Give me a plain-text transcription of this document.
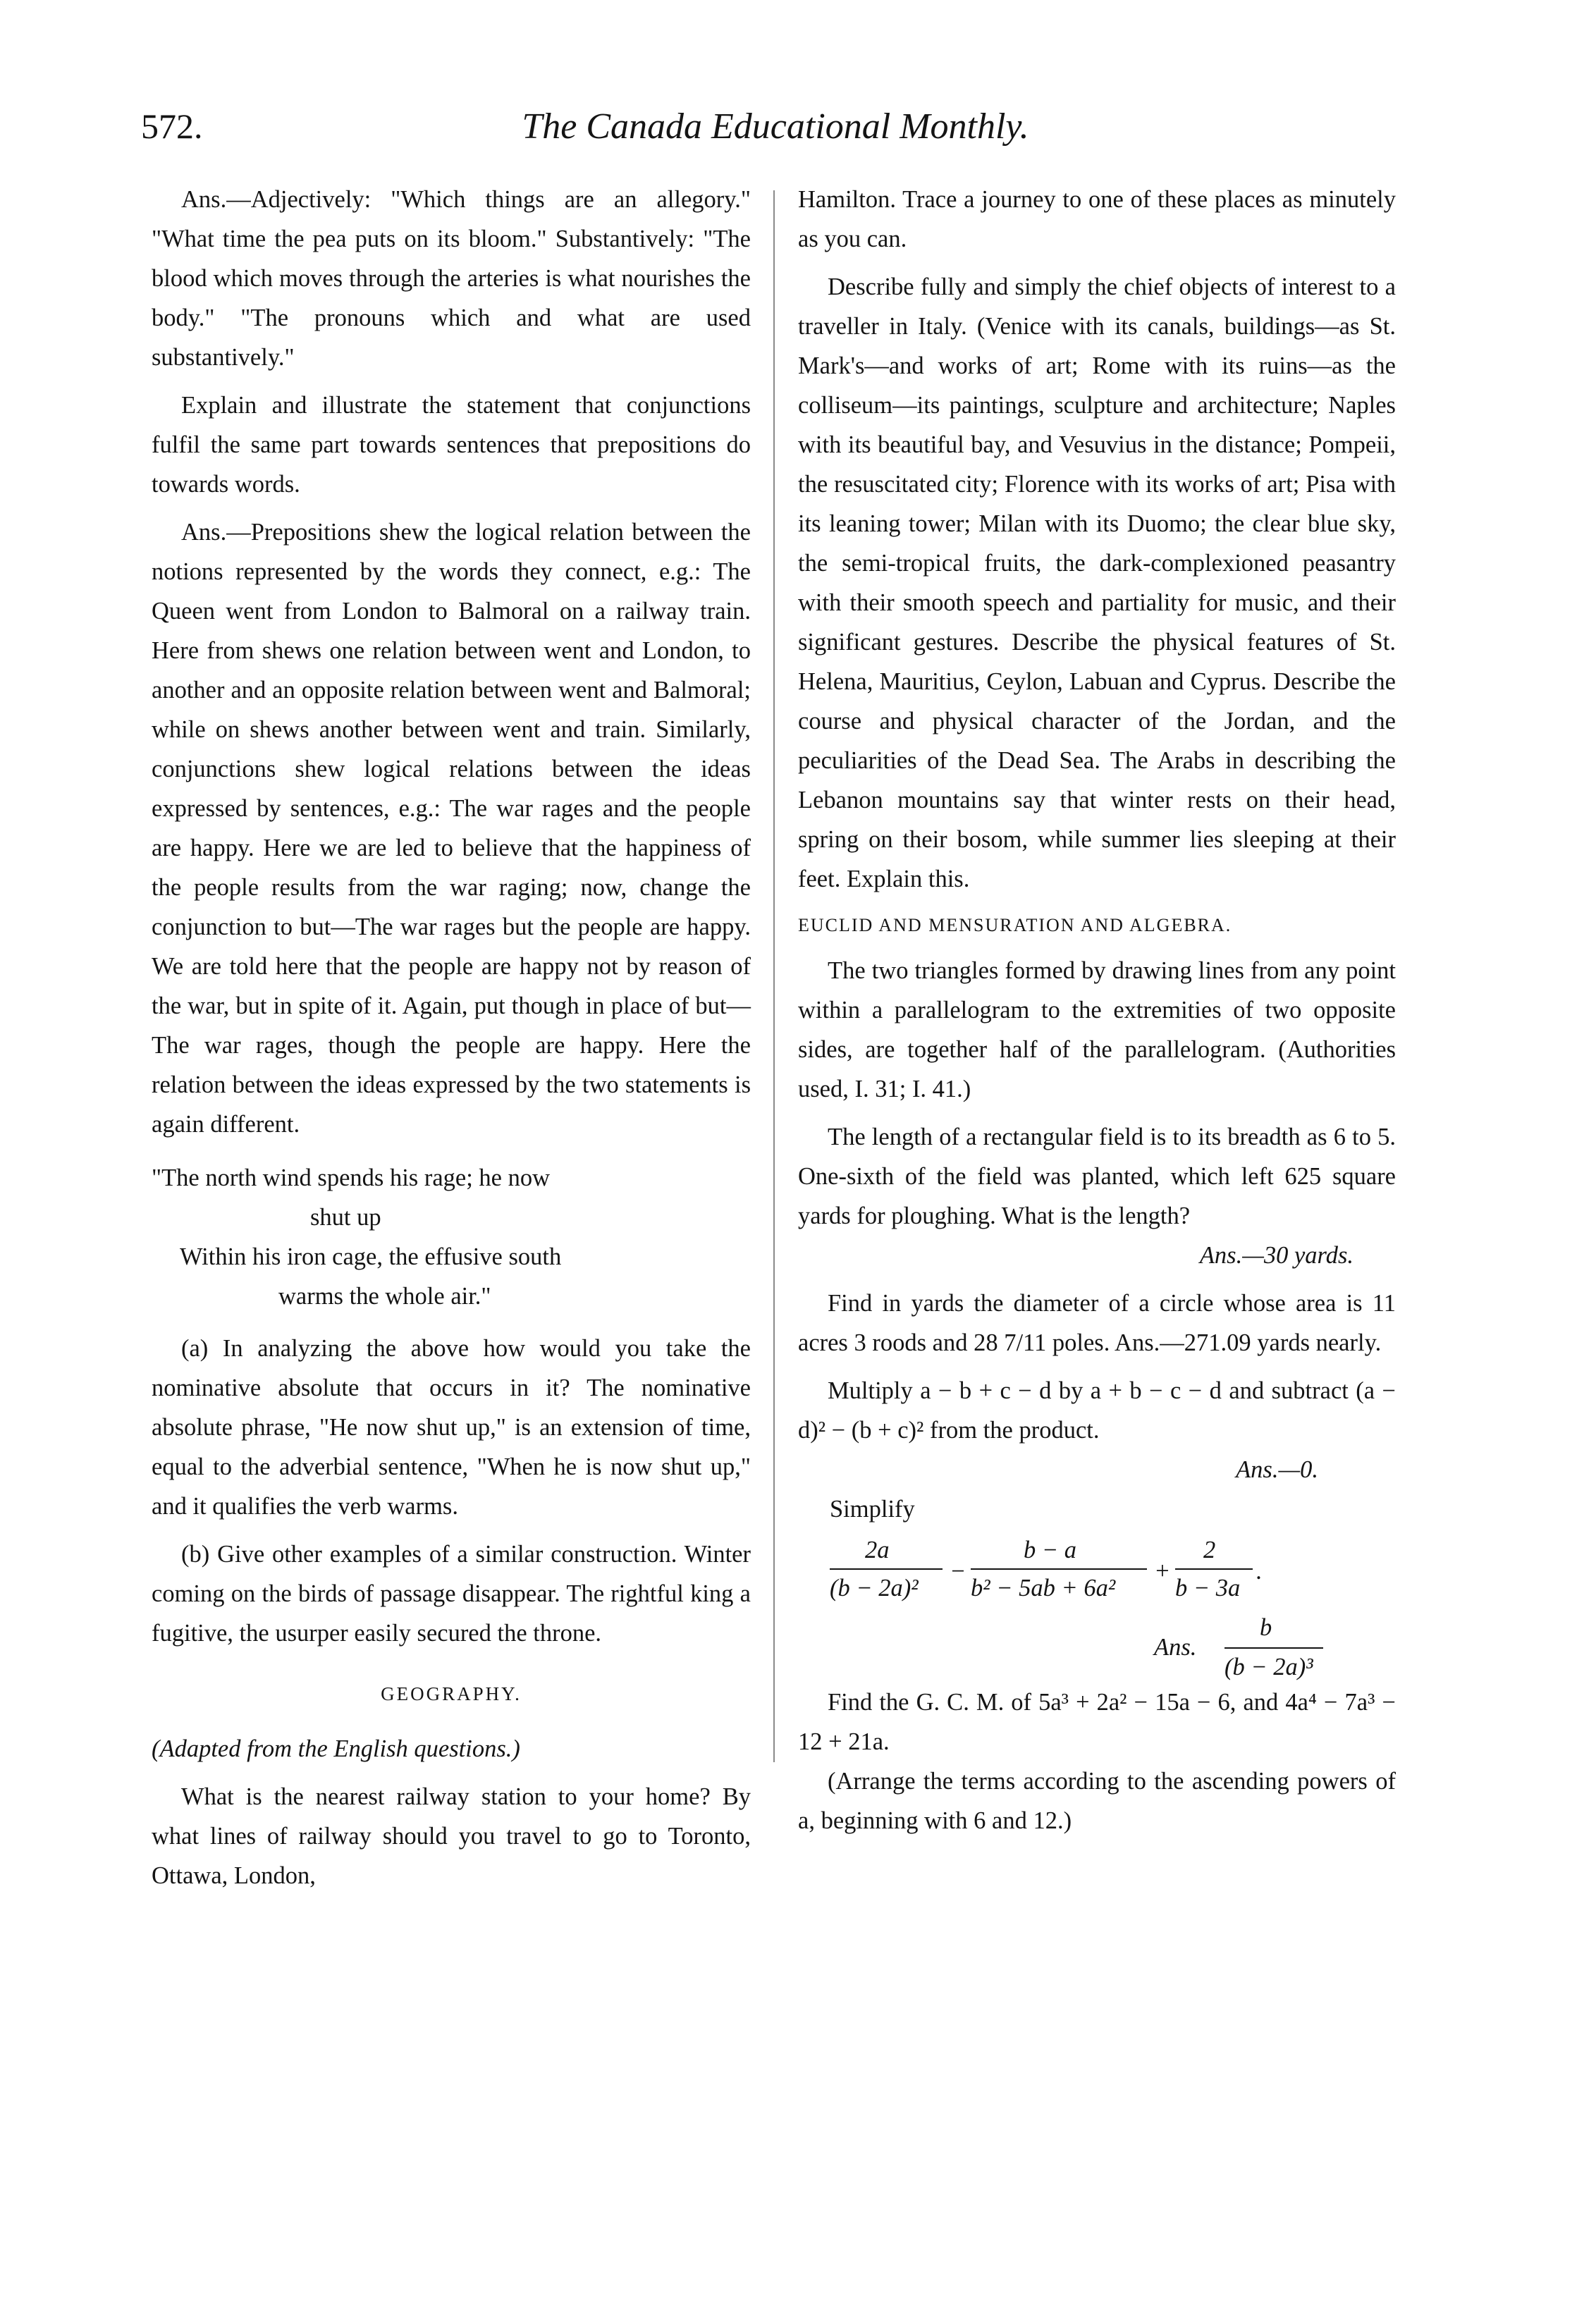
572.	The Canada Educational Monthly.

Ans.—Adjectively: "Which things are an allegory." "What time the pea puts on its bloom." Substantively: "The blood which moves through the arteries is what nourishes the body." "The pronouns which and what are used substantively."

Explain and illustrate the statement that conjunctions fulfil the same part towards sentences that prepositions do towards words.

Ans.—Prepositions shew the logical relation between the notions represented by the words they connect, e.g.: The Queen went from London to Balmoral on a railway train. Here from shews one relation between went and London, to another and an opposite relation between went and Balmoral; while on shews another between went and train. Similarly, conjunctions shew logical relations between the ideas expressed by sentences, e.g.: The war rages and the people are happy. Here we are led to believe that the happiness of the people results from the war raging; now, change the conjunction to but—The war rages but the people are happy. We are told here that the people are happy not by reason of the war, but in spite of it. Again, put though in place of but—The war rages, though the people are happy. Here the relation between the ideas expressed by the two statements is again different.

"The north wind spends his rage; he now
shut up
Within his iron cage, the effusive south
warms the whole air."

(a) In analyzing the above how would you take the nominative absolute that occurs in it? The nominative absolute phrase, "He now shut up," is an extension of time, equal to the adverbial sentence, "When he is now shut up," and it qualifies the verb warms.

(b) Give other examples of a similar construction. Winter coming on the birds of passage disappear. The rightful king a fugitive, the usurper easily secured the throne.

GEOGRAPHY.

(Adapted from the English questions.)

What is the nearest railway station to your home? By what lines of railway should you travel to go to Toronto, Ottawa, London,

Hamilton. Trace a journey to one of these places as minutely as you can.

Describe fully and simply the chief objects of interest to a traveller in Italy. (Venice with its canals, buildings—as St. Mark's—and works of art; Rome with its ruins—as the colliseum—its paintings, sculpture and architecture; Naples with its beautiful bay, and Vesuvius in the distance; Pompeii, the resuscitated city; Florence with its works of art; Pisa with its leaning tower; Milan with its Duomo; the clear blue sky, the semi-tropical fruits, the dark-complexioned peasantry with their smooth speech and partiality for music, and their significant gestures. Describe the physical features of St. Helena, Mauritius, Ceylon, Labuan and Cyprus. Describe the course and physical character of the Jordan, and the peculiarities of the Dead Sea. The Arabs in describing the Lebanon mountains say that winter rests on their head, spring on their bosom, while summer lies sleeping at their feet. Explain this.

EUCLID AND MENSURATION AND ALGEBRA.

The two triangles formed by drawing lines from any point within a parallelogram to the extremities of two opposite sides, are together half of the parallelogram. (Authorities used, I. 31; I. 41.)

The length of a rectangular field is to its breadth as 6 to 5. One-sixth of the field was planted, which left 625 square yards for ploughing. What is the length?

Ans.—30 yards.

Find in yards the diameter of a circle whose area is 11 acres 3 roods and 28 7/11 poles. Ans.—271.09 yards nearly.

Multiply a − b + c − d by a + b − c − d and subtract (a − d)² − (b + c)² from the product.

Ans.—0.

Simplify

2a
(b − 2a)²
−
b − a
b² − 5ab + 6a²
+
2
b − 3a
.
Ans.
b
(b − 2a)³

Find the G. C. M. of 5a³ + 2a² − 15a − 6, and 4a⁴ − 7a³ − 12 + 21a.

(Arrange the terms according to the ascending powers of a, beginning with 6 and 12.)
